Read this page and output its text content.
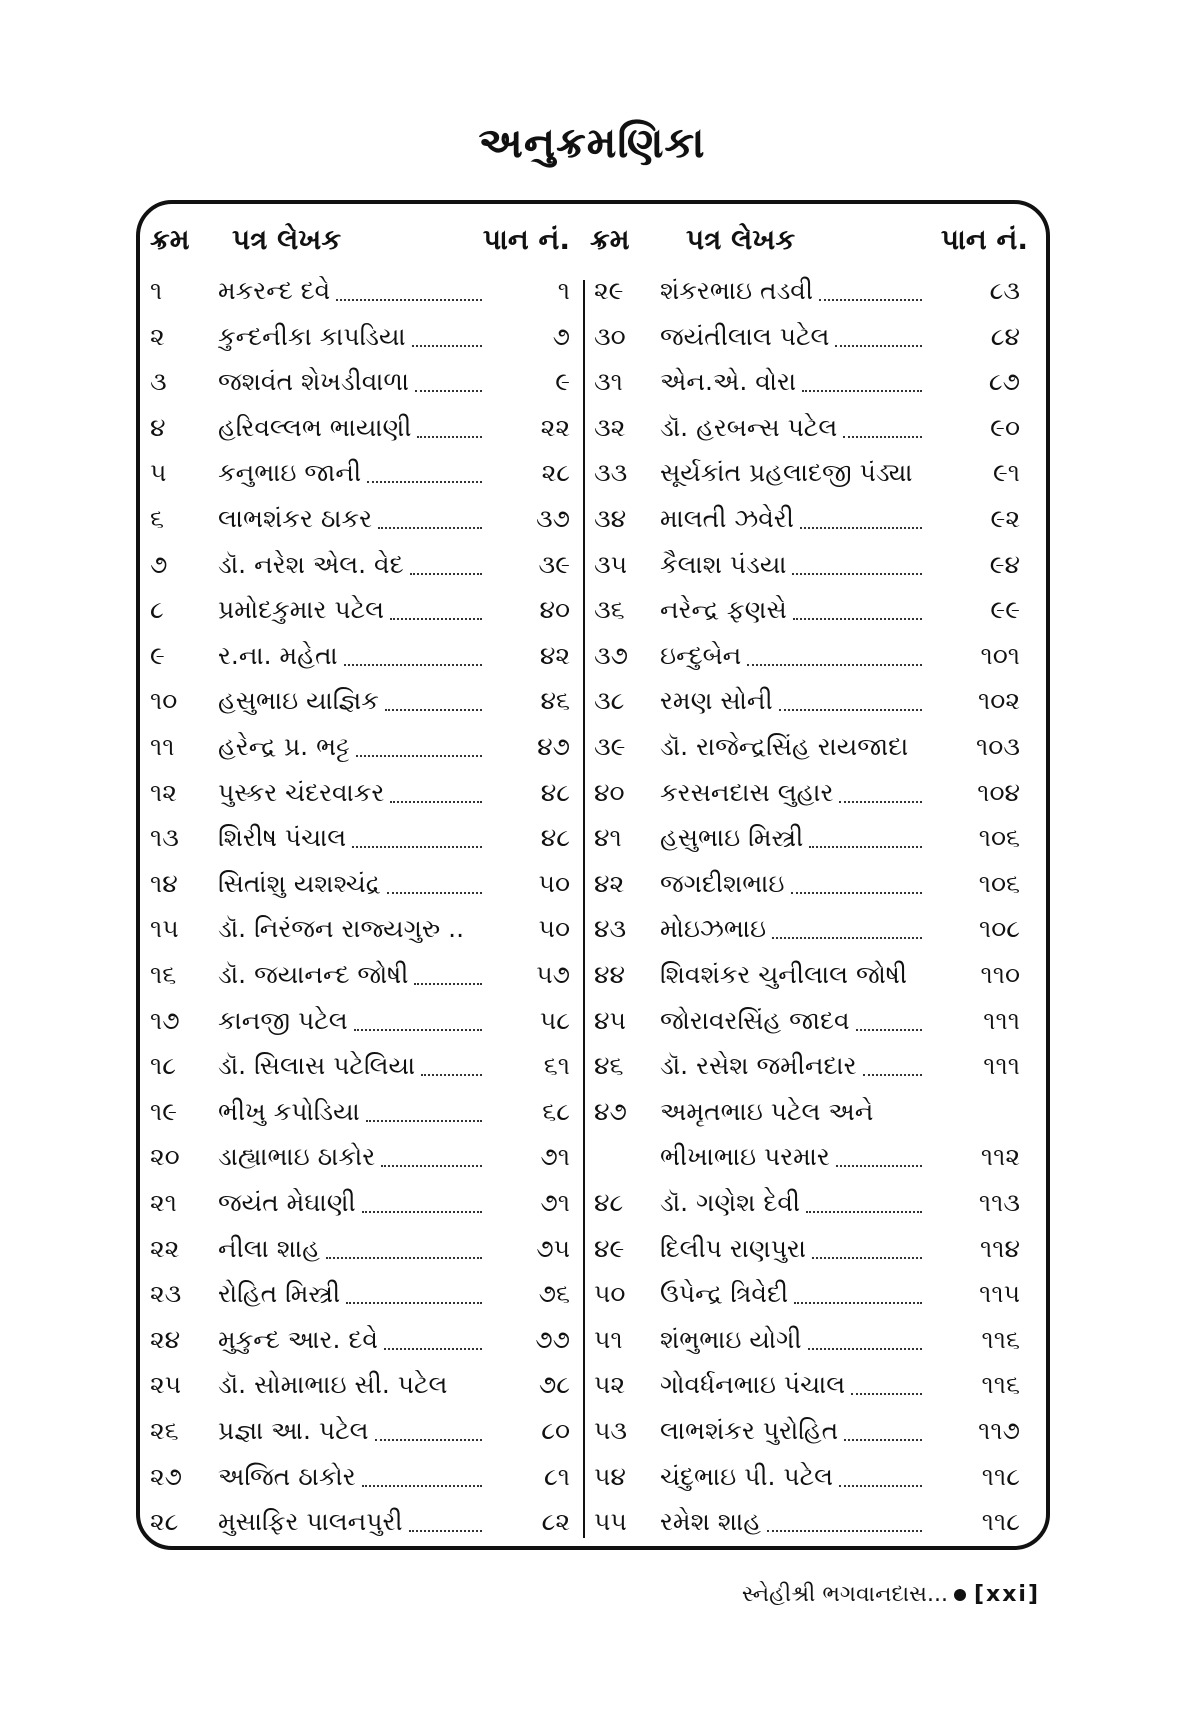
અનુક્રમણિકા
ક્રમ પત્ર લેખક	પાન નં. ક્રમ પત્ર લેખક	પાન નં.
૧	મકરન્દ દવે	૧
૨	કુન્દનીકા કાપડિયા	૭
૩	જશવંત શેખડીવાળા	૯
૪	હરિવલ્લભ ભાયાણી	૨૨
૫	કનુભાઇ જાની	૨૮
૬	લાભશંકર ઠાકર	૩૭
૭	ડૉ. નરેશ એલ. વેદ	૩૯
૮	પ્રમોદકુમાર પટેલ	૪૦
૯	ર.ના. મહેતા	૪૨
૧૦	હસુભાઇ યાજ્ઞિક	૪૬
૧૧	હરેન્દ્ર પ્ર. ભટ્ટ	૪૭
૧૨	પુસ્કર ચંદરવાકર	૪૮
૧૩	શિરીષ પંચાલ	૪૮
૧૪	સિતાંશુ યશશ્ચંદ્ર	૫૦
૧૫	ડૉ. નિરંજન રાજ્યગુરુ ..	૫૦
૧૬	ડૉ. જયાનન્દ જોષી	૫૭
૧૭	કાનજી પટેલ	૫૮
૧૮	ડૉ. સિલાસ પટેલિયા	૬૧
૧૯	ભીખુ કપોડિયા	૬૮
૨૦	ડાહ્યાભાઇ ઠાકોર	૭૧
૨૧	જયંત મેઘાણી	૭૧
૨૨	નીલા શાહ	૭૫
૨૩	રોહિત મિસ્ત્રી	૭૬
૨૪	મુકુન્દ આર. દવે	૭૭
૨૫	ડૉ. સોમાભાઇ સી. પટેલ	૭૮
૨૬	પ્રજ્ઞા આ. પટેલ	૮૦
૨૭	અજિત ઠાકોર	૮૧
૨૮	મુસાફિર પાલનપુરી	૮૨
૨૯	શંકરભાઇ તડવી	૮૩
૩૦	જયંતીલાલ પટેલ	૮૪
૩૧	એન.એ. વોરા	૮૭
૩૨	ડૉ. હરબન્સ પટેલ	૯૦
૩૩	સૂર્યકાંત પ્રહલાદજી પંડ્યા	૯૧
૩૪	માલતી ઝવેરી	૯૨
૩૫	કૈલાશ પંડયા	૯૪
૩૬	નરેન્દ્ર ફણસે	૯૯
૩૭	ઇન્દુબેન	૧૦૧
૩૮	રમણ સોની	૧૦૨
૩૯	ડૉ. રાજેન્દ્રસિંહ રાયજાદા	૧૦૩
૪૦	કરસનદાસ લુહાર	૧૦૪
૪૧	હસુભાઇ મિસ્ત્રી	૧૦૬
૪૨	જગદીશભાઇ	૧૦૬
૪૩	મોઇઝભાઇ	૧૦૮
૪૪	શિવશંકર ચુનીલાલ જોષી	૧૧૦
૪૫	જોરાવરસિંહ જાદવ	૧૧૧
૪૬	ડૉ. રસેશ જમીનદાર	૧૧૧
૪૭	અમૃતભાઇ પટેલ અને
ભીખાભાઇ પરમાર	૧૧૨
૪૮	ડૉ. ગણેશ દેવી	૧૧૩
૪૯	દિલીપ રાણપુરા	૧૧૪
૫૦	ઉપેન્દ્ર ત્રિવેદી	૧૧૫
૫૧	શંભુભાઇ યોગી	૧૧૬
૫૨	ગોવર્ધનભાઇ પંચાલ	૧૧૬
૫૩	લાભશંકર પુરોહિત	૧૧૭
૫૪	ચંદુભાઇ પી. પટેલ	૧૧૮
૫૫	રમેશ શાહ	૧૧૮
સ્નેહીશ્રી ભગવાનદાસ... [xxi]
